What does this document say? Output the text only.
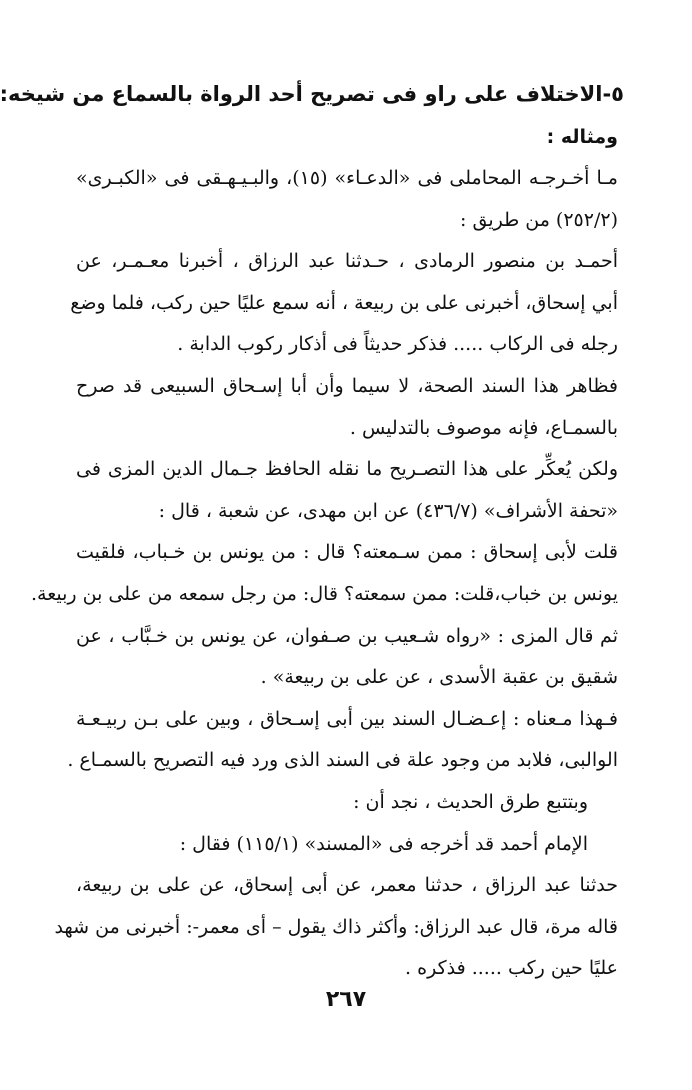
٥-الاختلاف على راو فى تصريح أحد الرواة بالسماع من شيخه:
ومثاله :
مـا أخـرجـه المحاملى فى «الدعـاء» (١٥)، والبـيـهـقى فى «الكبـرى»
(٢٥٢/٢) من طريق :
أحمـد بن منصور الرمادى ، حـدثنا عبد الرزاق ، أخبرنا معـمـر، عن
أبي إسحاق، أخبرنى على بن ربيعة ، أنه سمع عليًا حين ركب، فلما وضع
رجله فى الركاب ..... فذكر حديثاً فى أذكار ركوب الدابة .
فظاهر هذا السند الصحة، لا سيما وأن أبا إسـحاق السبيعى قد صرح
بالسمـاع، فإنه موصوف بالتدليس .
ولكن يُعكِّر على هذا التصـريح ما نقله الحافظ جـمال الدين المزى فى
«تحفة الأشراف» (٤٣٦/٧) عن ابن مهدى، عن شعبة ، قال :
قلت لأبى إسحاق : ممن سـمعته؟ قال : من يونس بن خـباب، فلقيت
يونس بن خباب،قلت: ممن سمعته؟ قال: من رجل سمعه من على بن ربيعة.
ثم قال المزى : «رواه شـعيب بن صـفوان، عن يونس بن خـبَّاب ، عن
شقيق بن عقبة الأسدى ، عن على بن ربيعة» .
فـهذا مـعناه : إعـضـال السند بين أبى إسـحاق ، وبين على بـن ربيـعـة
الوالبى، فلابد من وجود علة فى السند الذى ورد فيه التصريح بالسمـاع .
وبتتبع طرق الحديث ، نجد أن :
الإمام أحمد قد أخرجه فى «المسند» (١١٥/١) فقال :
حدثنا عبد الرزاق ، حدثنا معمر، عن أبى إسحاق، عن على بن ربيعة،
قاله مرة، قال عبد الرزاق: وأكثر ذاك يقول – أى معمر-: أخبرنى من شهد
عليًا حين ركب ..... فذكره .
٢٦٧
